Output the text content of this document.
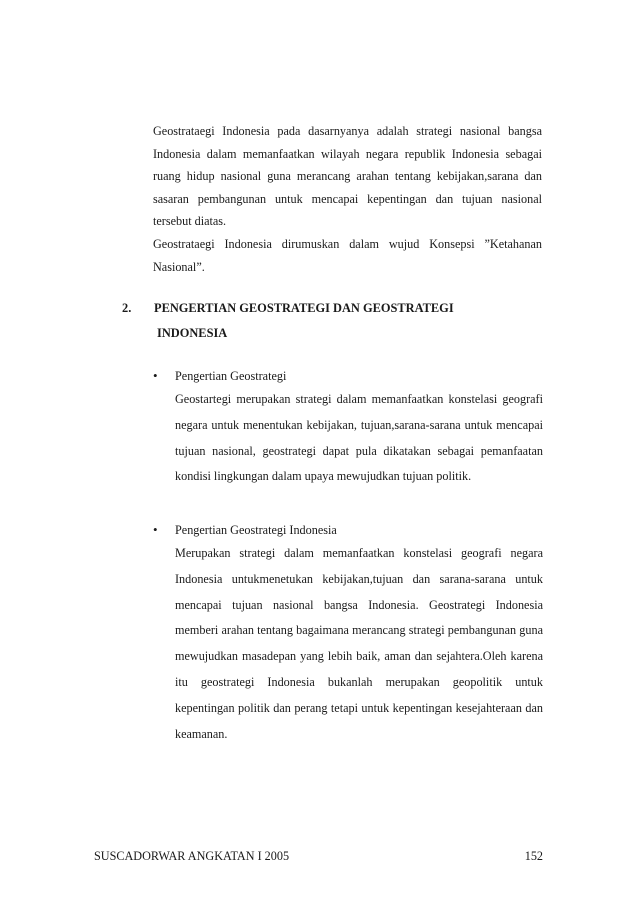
Geostrataegi Indonesia pada dasarnyanya adalah strategi nasional bangsa Indonesia dalam memanfaatkan wilayah negara republik Indonesia sebagai ruang hidup nasional guna merancang arahan tentang kebijakan,sarana dan sasaran pembangunan untuk mencapai kepentingan dan tujuan nasional tersebut diatas.

Geostrataegi Indonesia dirumuskan dalam wujud Konsepsi ”Ketahanan Nasional”.

2. PENGERTIAN GEOSTRATEGI DAN GEOSTRATEGI
INDONESIA
• Pengertian Geostrategi

Geostartegi merupakan strategi dalam memanfaatkan konstelasi geografi negara untuk menentukan kebijakan, tujuan,sarana-sarana untuk mencapai tujuan nasional, geostrategi dapat pula dikatakan sebagai pemanfaatan kondisi lingkungan dalam upaya mewujudkan tujuan politik.

• Pengertian Geostrategi Indonesia

Merupakan strategi dalam memanfaatkan konstelasi geografi negara Indonesia untukmenetukan kebijakan,tujuan dan sarana-sarana untuk mencapai tujuan nasional bangsa Indonesia. Geostrategi Indonesia memberi arahan tentang bagaimana merancang strategi pembangunan guna mewujudkan masadepan yang lebih baik, aman dan sejahtera.Oleh karena itu geostrategi Indonesia bukanlah merupakan geopolitik untuk kepentingan politik dan perang tetapi untuk kepentingan kesejahteraan dan keamanan.

SUSCADORWAR ANGKATAN I 2005	152
